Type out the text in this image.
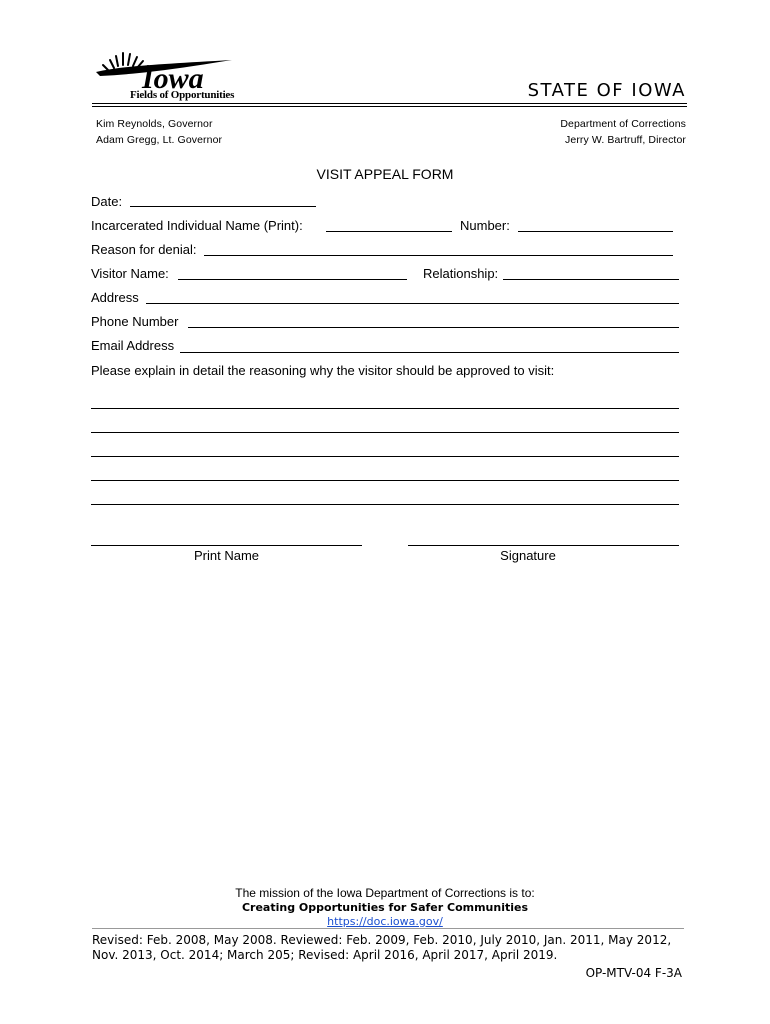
Iowa
Fields of Opportunities	STATE OF IOWA
Kim Reynolds, Governor
Adam Gregg, Lt. Governor
Department of Corrections
Jerry W. Bartruff, Director
VISIT APPEAL FORM
Date:
Incarcerated Individual Name (Print):	Number:
Reason for denial:
Visitor Name:	Relationship:
Address
Phone Number
Email Address
Please explain in detail the reasoning why the visitor should be approved to visit:
Print Name	Signature
The mission of the Iowa Department of Corrections is to:
Creating Opportunities for Safer Communities
https://doc.iowa.gov/
Revised: Feb. 2008, May 2008. Reviewed: Feb. 2009, Feb. 2010, July 2010, Jan. 2011, May 2012, Nov. 2013, Oct. 2014; March 205; Revised: April 2016, April 2017, April 2019.
OP-MTV-04 F-3A
